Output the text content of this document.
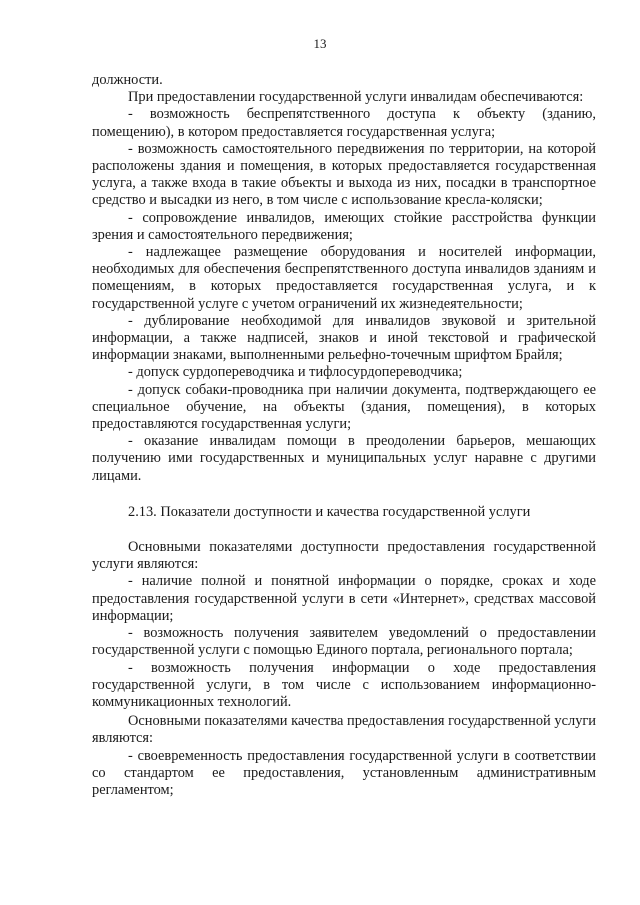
13

должности.

При предоставлении государственной услуги инвалидам обеспечиваются:

- возможность беспрепятственного доступа к объекту (зданию, помещению), в котором предоставляется государственная услуга;

- возможность самостоятельного передвижения по территории, на которой расположены здания и помещения, в которых предоставляется государственная услуга, а также входа в такие объекты и выхода из них, посадки в транспортное средство и высадки из него, в том числе с использование кресла-коляски;

- сопровождение инвалидов, имеющих стойкие расстройства функции зрения и самостоятельного передвижения;

- надлежащее размещение оборудования и носителей информации, необходимых для обеспечения беспрепятственного доступа инвалидов зданиям и помещениям, в которых предоставляется государственная услуга, и к государственной услуге с учетом ограничений их жизнедеятельности;

- дублирование необходимой для инвалидов звуковой и зрительной информации, а также надписей, знаков и иной текстовой и графической информации знаками, выполненными рельефно-точечным шрифтом Брайля;

- допуск сурдопереводчика и тифлосурдопереводчика;

- допуск собаки-проводника при наличии документа, подтверждающего ее специальное обучение, на объекты (здания, помещения), в которых предоставляются государственная услуги;

- оказание инвалидам помощи в преодолении барьеров, мешающих получению ими государственных и муниципальных услуг наравне с другими лицами.

2.13. Показатели доступности и качества государственной услуги

Основными показателями доступности предоставления государственной услуги являются:

- наличие полной и понятной информации о порядке, сроках и ходе предоставления государственной услуги в сети «Интернет», средствах массовой информации;

- возможность получения заявителем уведомлений о предоставлении государственной услуги с помощью Единого портала, регионального портала;

- возможность получения информации о ходе предоставления государственной услуги, в том числе с использованием информационно-коммуникационных технологий.

Основными показателями качества предоставления государственной услуги являются:

- своевременность предоставления государственной услуги в соответствии со стандартом ее предоставления, установленным административным регламентом;
